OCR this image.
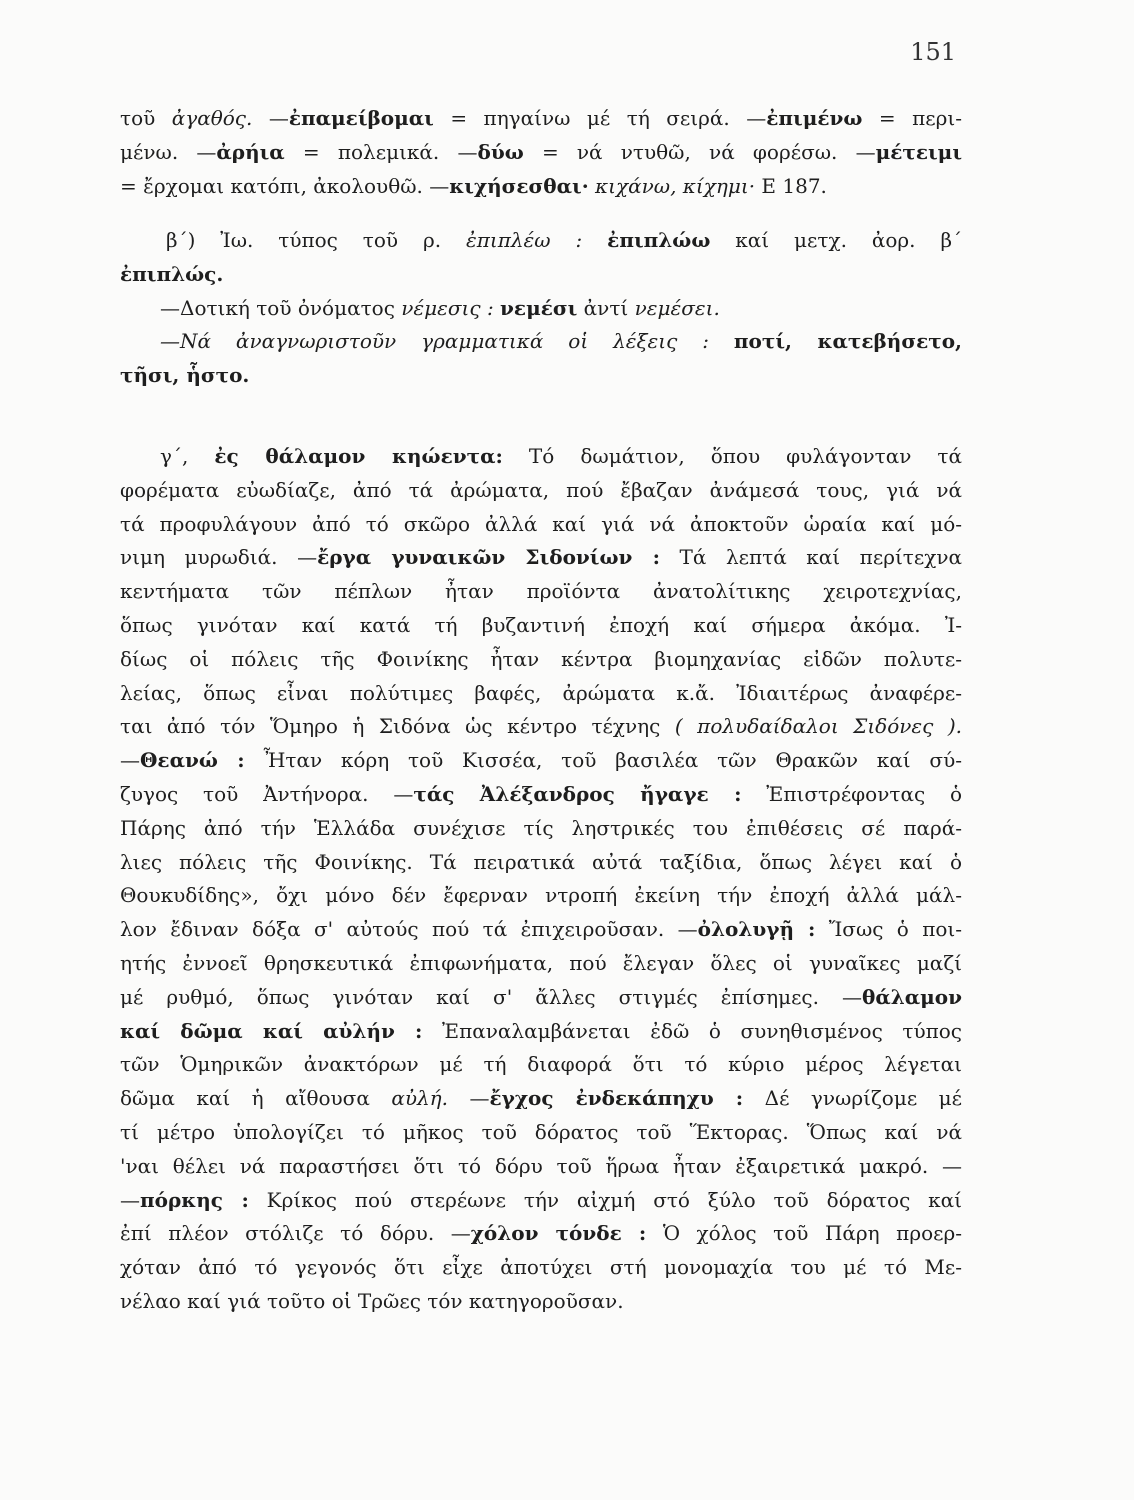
151
τοῦ ἀγαθός. —ἐπαμείβομαι = πηγαίνω μέ τή σειρά. —ἐπιμένω = περι-
μένω. —ἀρήια = πολεμικά. —δύω = νά ντυθῶ, νά φορέσω. —μέτειμι
= ἔρχομαι κατόπι, ἀκολουθῶ. —κιχήσεσθαι· κιχάνω, κίχημι· Ε 187.
β΄) Ἰω. τύπος τοῦ ρ. ἐπιπλέω : ἐπιπλώω καί μετχ. ἀορ. β΄
ἐπιπλώς.
—Δοτική τοῦ ὀνόματος νέμεσις : νεμέσι ἀντί νεμέσει.
—Νά ἀναγνωριστοῦν γραμματικά οἱ λέξεις : ποτί, κατεβήσετο,
τῆσι, ἧστο.
γ΄, ἐς θάλαμον κηώεντα: Τό δωμάτιον, ὅπου φυλάγονταν τά
φορέματα εὐωδίαζε, ἀπό τά ἀρώματα, πού ἔβαζαν ἀνάμεσά τους, γιά νά
τά προφυλάγουν ἀπό τό σκῶρο ἀλλά καί γιά νά ἀποκτοῦν ὡραία καί μό-
νιμη μυρωδιά. —ἔργα γυναικῶν Σιδονίων : Τά λεπτά καί περίτεχνα
κεντήματα τῶν πέπλων ἦταν προϊόντα ἀνατολίτικης χειροτεχνίας,
ὅπως γινόταν καί κατά τή βυζαντινή ἐποχή καί σήμερα ἀκόμα. Ἰ-
δίως οἱ πόλεις τῆς Φοινίκης ἦταν κέντρα βιομηχανίας εἰδῶν πολυτε-
λείας, ὅπως εἶναι πολύτιμες βαφές, ἀρώματα κ.ἄ. Ἰδιαιτέρως ἀναφέρε-
ται ἀπό τόν Ὅμηρο ἡ Σιδόνα ὡς κέντρο τέχνης ( πολυδαίδαλοι Σιδόνες ).
—Θεανώ : Ἦταν κόρη τοῦ Κισσέα, τοῦ βασιλέα τῶν Θρακῶν καί σύ-
ζυγος τοῦ Ἀντήνορα. —τάς Ἀλέξανδρος ἤγαγε : Ἐπιστρέφοντας ὁ
Πάρης ἀπό τήν Ἑλλάδα συνέχισε τίς ληστρικές του ἐπιθέσεις σέ παρά-
λιες πόλεις τῆς Φοινίκης. Τά πειρατικά αὐτά ταξίδια, ὅπως λέγει καί ὁ
Θουκυδίδης», ὄχι μόνο δέν ἔφερναν ντροπή ἐκείνη τήν ἐποχή ἀλλά μάλ-
λον ἔδιναν δόξα σ' αὐτούς πού τά ἐπιχειροῦσαν. —ὀλολυγῇ : Ἴσως ὁ ποι-
ητής ἐννοεῖ θρησκευτικά ἐπιφωνήματα, πού ἔλεγαν ὅλες οἱ γυναῖκες μαζί
μέ ρυθμό, ὅπως γινόταν καί σ' ἄλλες στιγμές ἐπίσημες. —θάλαμον
καί δῶμα καί αὐλήν : Ἐπαναλαμβάνεται ἐδῶ ὁ συνηθισμένος τύπος
τῶν Ὁμηρικῶν ἀνακτόρων μέ τή διαφορά ὅτι τό κύριο μέρος λέγεται
δῶμα καί ἡ αἴθουσα αὐλή. —ἔγχος ἐνδεκάπηχυ : Δέ γνωρίζομε μέ
τί μέτρο ὑπολογίζει τό μῆκος τοῦ δόρατος τοῦ Ἕκτορας. Ὅπως καί νά
'ναι θέλει νά παραστήσει ὅτι τό δόρυ τοῦ ἥρωα ἦταν ἐξαιρετικά μακρό. —
—πόρκης : Κρίκος πού στερέωνε τήν αἰχμή στό ξύλο τοῦ δόρατος καί
ἐπί πλέον στόλιζε τό δόρυ. —χόλον τόνδε : Ὁ χόλος τοῦ Πάρη προερ-
χόταν ἀπό τό γεγονός ὅτι εἶχε ἀποτύχει στή μονομαχία του μέ τό Με-
νέλαο καί γιά τοῦτο οἱ Τρῶες τόν κατηγοροῦσαν.
